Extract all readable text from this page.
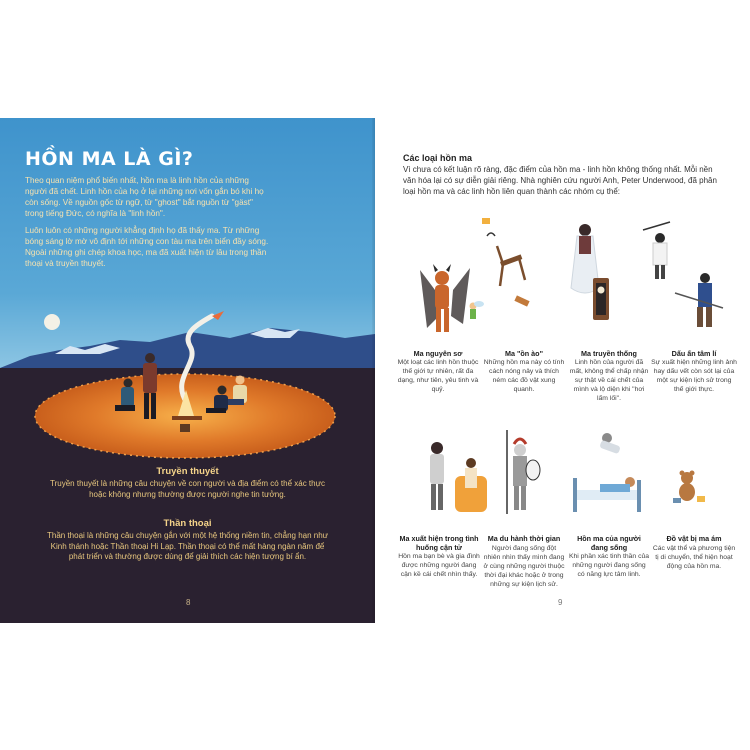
HỒN MA LÀ GÌ?

Theo quan niệm phổ biến nhất, hồn ma là linh hồn của những người đã chết. Linh hồn của họ ở lại những nơi vốn gắn bó khi họ còn sống. Về nguồn gốc từ ngữ, từ "ghost" bắt nguồn từ "gäst" trong tiếng Đức, có nghĩa là "linh hồn".

Luôn luôn có những người khẳng định họ đã thấy ma. Từ những bóng sáng lờ mờ vô định tới những con tàu ma trên biển đầy sóng. Ngoài những ghi chép khoa học, ma đã xuất hiện từ lâu trong thần thoại và truyền thuyết.

Truyền thuyết

Truyền thuyết là những câu chuyện về con người và địa điểm có thể xác thực hoặc không nhưng thường được người nghe tin tưởng.

Thần thoại

Thần thoại là những câu chuyện gắn với một hệ thống niềm tin, chẳng hạn như Kinh thánh hoặc Thần thoại Hi Lạp. Thần thoại có thể mất hàng ngàn năm để phát triển và thường được dùng để giải thích các hiện tượng bí ẩn.

8
Các loại hồn ma
Vì chưa có kết luận rõ ràng, đặc điểm của hồn ma - linh hồn không thống nhất. Mỗi nền văn hóa lại có sự diễn giải riêng. Nhà nghiên cứu người Anh, Peter Underwood, đã phân loại hồn ma và các linh hồn liên quan thành các nhóm cụ thể:
Ma nguyên sơ
Một loạt các linh hồn thuộc thế giới tự nhiên, rất đa dạng, như tiên, yêu tinh và quỷ.
Ma "ồn ào"
Những hồn ma này có tính cách nóng nảy và thích ném các đồ vật xung quanh.
Ma truyền thống
Linh hồn của người đã mất, không thể chấp nhận sự thật về cái chết của mình và lộ diện khi "hơi lấm lối".
Dấu ấn tâm lí
Sự xuất hiện những linh ảnh hay dấu vết còn sót lại của một sự kiện lịch sử trong thế giới thực.
Ma xuất hiện trong tình huống cận tử
Hồn ma bạn bè và gia đình được những người đang cận kề cái chết nhìn thấy.
Ma du hành thời gian
Người đang sống đột nhiên nhìn thấy mình đang ở cùng những người thuộc thời đại khác hoặc ở trong những sự kiện lịch sử.
Hồn ma của người đang sống
Khi phần xác tinh thần của những người đang sống có năng lực tâm linh.
Đồ vật bị ma ám
Các vật thể và phương tiện tị di chuyển, thể hiện hoạt động của hồn ma.
9
